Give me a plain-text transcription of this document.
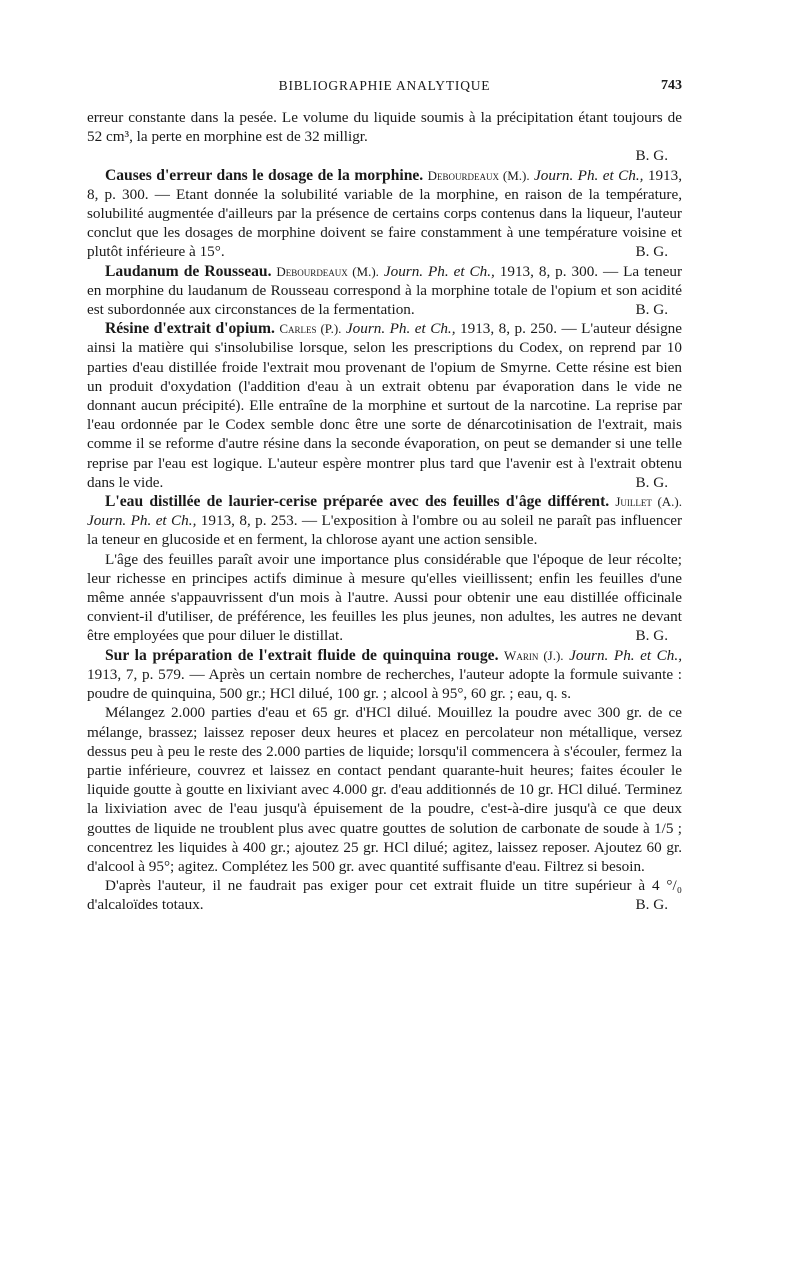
BIBLIOGRAPHIE ANALYTIQUE	743

erreur constante dans la pesée. Le volume du liquide soumis à la précipitation étant toujours de 52 cm³, la perte en morphine est de 32 milligr.

B. G.

Causes d'erreur dans le dosage de la morphine. Debourdeaux (M.). Journ. Ph. et Ch., 1913, 8, p. 300. — Etant donnée la solubilité variable de la morphine, en raison de la température, solubilité augmentée d'ailleurs par la présence de certains corps contenus dans la liqueur, l'auteur conclut que les dosages de morphine doivent se faire constamment à une température voisine et plutôt inférieure à 15°.	B. G.

Laudanum de Rousseau. Debourdeaux (M.). Journ. Ph. et Ch., 1913, 8, p. 300. — La teneur en morphine du laudanum de Rousseau correspond à la morphine totale de l'opium et son acidité est subordonnée aux circonstances de la fermentation.	B. G.

Résine d'extrait d'opium. Carles (P.). Journ. Ph. et Ch., 1913, 8, p. 250. — L'auteur désigne ainsi la matière qui s'insolubilise lorsque, selon les prescriptions du Codex, on reprend par 10 parties d'eau distillée froide l'extrait mou provenant de l'opium de Smyrne. Cette résine est bien un produit d'oxydation (l'addition d'eau à un extrait obtenu par évaporation dans le vide ne donnant aucun précipité). Elle entraîne de la morphine et surtout de la narcotine. La reprise par l'eau ordonnée par le Codex semble donc être une sorte de dénarcotinisation de l'extrait, mais comme il se reforme d'autre résine dans la seconde évaporation, on peut se demander si une telle reprise par l'eau est logique. L'auteur espère montrer plus tard que l'avenir est à l'extrait obtenu dans le vide.	B. G.

L'eau distillée de laurier-cerise préparée avec des feuilles d'âge différent. Juillet (A.). Journ. Ph. et Ch., 1913, 8, p. 253. — L'exposition à l'ombre ou au soleil ne paraît pas influencer la teneur en glucoside et en ferment, la chlorose ayant une action sensible.

L'âge des feuilles paraît avoir une importance plus considérable que l'époque de leur récolte; leur richesse en principes actifs diminue à mesure qu'elles vieillissent; enfin les feuilles d'une même année s'appauvrissent d'un mois à l'autre. Aussi pour obtenir une eau distillée officinale convient-il d'utiliser, de préférence, les feuilles les plus jeunes, non adultes, les autres ne devant être employées que pour diluer le distillat.	B. G.

Sur la préparation de l'extrait fluide de quinquina rouge. Warin (J.). Journ. Ph. et Ch., 1913, 7, p. 579. — Après un certain nombre de recherches, l'auteur adopte la formule suivante : poudre de quinquina, 500 gr.; HCl dilué, 100 gr. ; alcool à 95°, 60 gr. ; eau, q. s.

Mélangez 2.000 parties d'eau et 65 gr. d'HCl dilué. Mouillez la poudre avec 300 gr. de ce mélange, brassez; laissez reposer deux heures et placez en percolateur non métallique, versez dessus peu à peu le reste des 2.000 parties de liquide; lorsqu'il commencera à s'écouler, fermez la partie inférieure, couvrez et laissez en contact pendant quarante-huit heures; faites écouler le liquide goutte à goutte en lixiviant avec 4.000 gr. d'eau additionnés de 10 gr. HCl dilué. Terminez la lixiviation avec de l'eau jusqu'à épuisement de la poudre, c'est-à-dire jusqu'à ce que deux gouttes de liquide ne troublent plus avec quatre gouttes de solution de carbonate de soude à 1/5 ; concentrez les liquides à 400 gr.; ajoutez 25 gr. HCl dilué; agitez, laissez reposer. Ajoutez 60 gr. d'alcool à 95°; agitez. Complétez les 500 gr. avec quantité suffisante d'eau. Filtrez si besoin.

D'après l'auteur, il ne faudrait pas exiger pour cet extrait fluide un titre supérieur à 4 °/₀ d'alcaloïdes totaux.	B. G.
